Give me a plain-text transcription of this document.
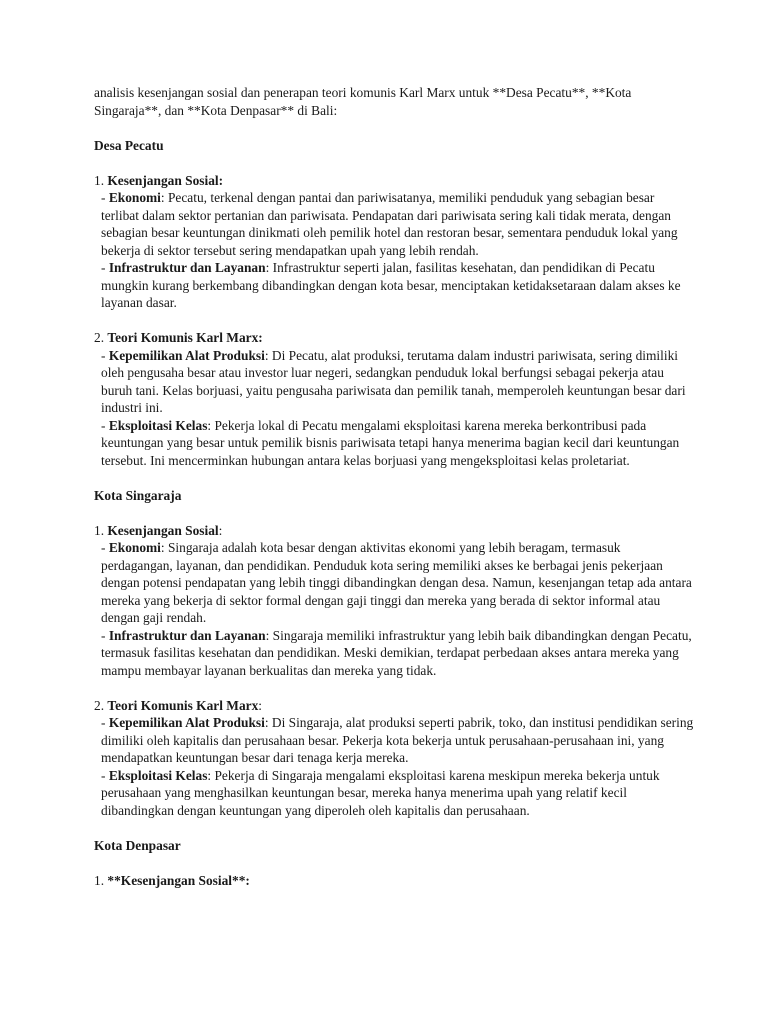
analisis kesenjangan sosial dan penerapan teori komunis Karl Marx untuk **Desa Pecatu**, **Kota Singaraja**, dan **Kota Denpasar** di Bali:

Desa Pecatu

1. Kesenjangan Sosial:

- Ekonomi: Pecatu, terkenal dengan pantai dan pariwisatanya, memiliki penduduk yang sebagian besar terlibat dalam sektor pertanian dan pariwisata. Pendapatan dari pariwisata sering kali tidak merata, dengan sebagian besar keuntungan dinikmati oleh pemilik hotel dan restoran besar, sementara penduduk lokal yang bekerja di sektor tersebut sering mendapatkan upah yang lebih rendah.

- Infrastruktur dan Layanan: Infrastruktur seperti jalan, fasilitas kesehatan, dan pendidikan di Pecatu mungkin kurang berkembang dibandingkan dengan kota besar, menciptakan ketidaksetaraan dalam akses ke layanan dasar.

2. Teori Komunis Karl Marx:

- Kepemilikan Alat Produksi: Di Pecatu, alat produksi, terutama dalam industri pariwisata, sering dimiliki oleh pengusaha besar atau investor luar negeri, sedangkan penduduk lokal berfungsi sebagai pekerja atau buruh tani. Kelas borjuasi, yaitu pengusaha pariwisata dan pemilik tanah, memperoleh keuntungan besar dari industri ini.

- Eksploitasi Kelas: Pekerja lokal di Pecatu mengalami eksploitasi karena mereka berkontribusi pada keuntungan yang besar untuk pemilik bisnis pariwisata tetapi hanya menerima bagian kecil dari keuntungan tersebut. Ini mencerminkan hubungan antara kelas borjuasi yang mengeksploitasi kelas proletariat.

Kota Singaraja

1. Kesenjangan Sosial:

- Ekonomi: Singaraja adalah kota besar dengan aktivitas ekonomi yang lebih beragam, termasuk perdagangan, layanan, dan pendidikan. Penduduk kota sering memiliki akses ke berbagai jenis pekerjaan dengan potensi pendapatan yang lebih tinggi dibandingkan dengan desa. Namun, kesenjangan tetap ada antara mereka yang bekerja di sektor formal dengan gaji tinggi dan mereka yang berada di sektor informal atau dengan gaji rendah.

- Infrastruktur dan Layanan: Singaraja memiliki infrastruktur yang lebih baik dibandingkan dengan Pecatu, termasuk fasilitas kesehatan dan pendidikan. Meski demikian, terdapat perbedaan akses antara mereka yang mampu membayar layanan berkualitas dan mereka yang tidak.

2. Teori Komunis Karl Marx:

- Kepemilikan Alat Produksi: Di Singaraja, alat produksi seperti pabrik, toko, dan institusi pendidikan sering dimiliki oleh kapitalis dan perusahaan besar. Pekerja kota bekerja untuk perusahaan-perusahaan ini, yang mendapatkan keuntungan besar dari tenaga kerja mereka.

- Eksploitasi Kelas: Pekerja di Singaraja mengalami eksploitasi karena meskipun mereka bekerja untuk perusahaan yang menghasilkan keuntungan besar, mereka hanya menerima upah yang relatif kecil dibandingkan dengan keuntungan yang diperoleh oleh kapitalis dan perusahaan.

Kota Denpasar

1. **Kesenjangan Sosial**:
